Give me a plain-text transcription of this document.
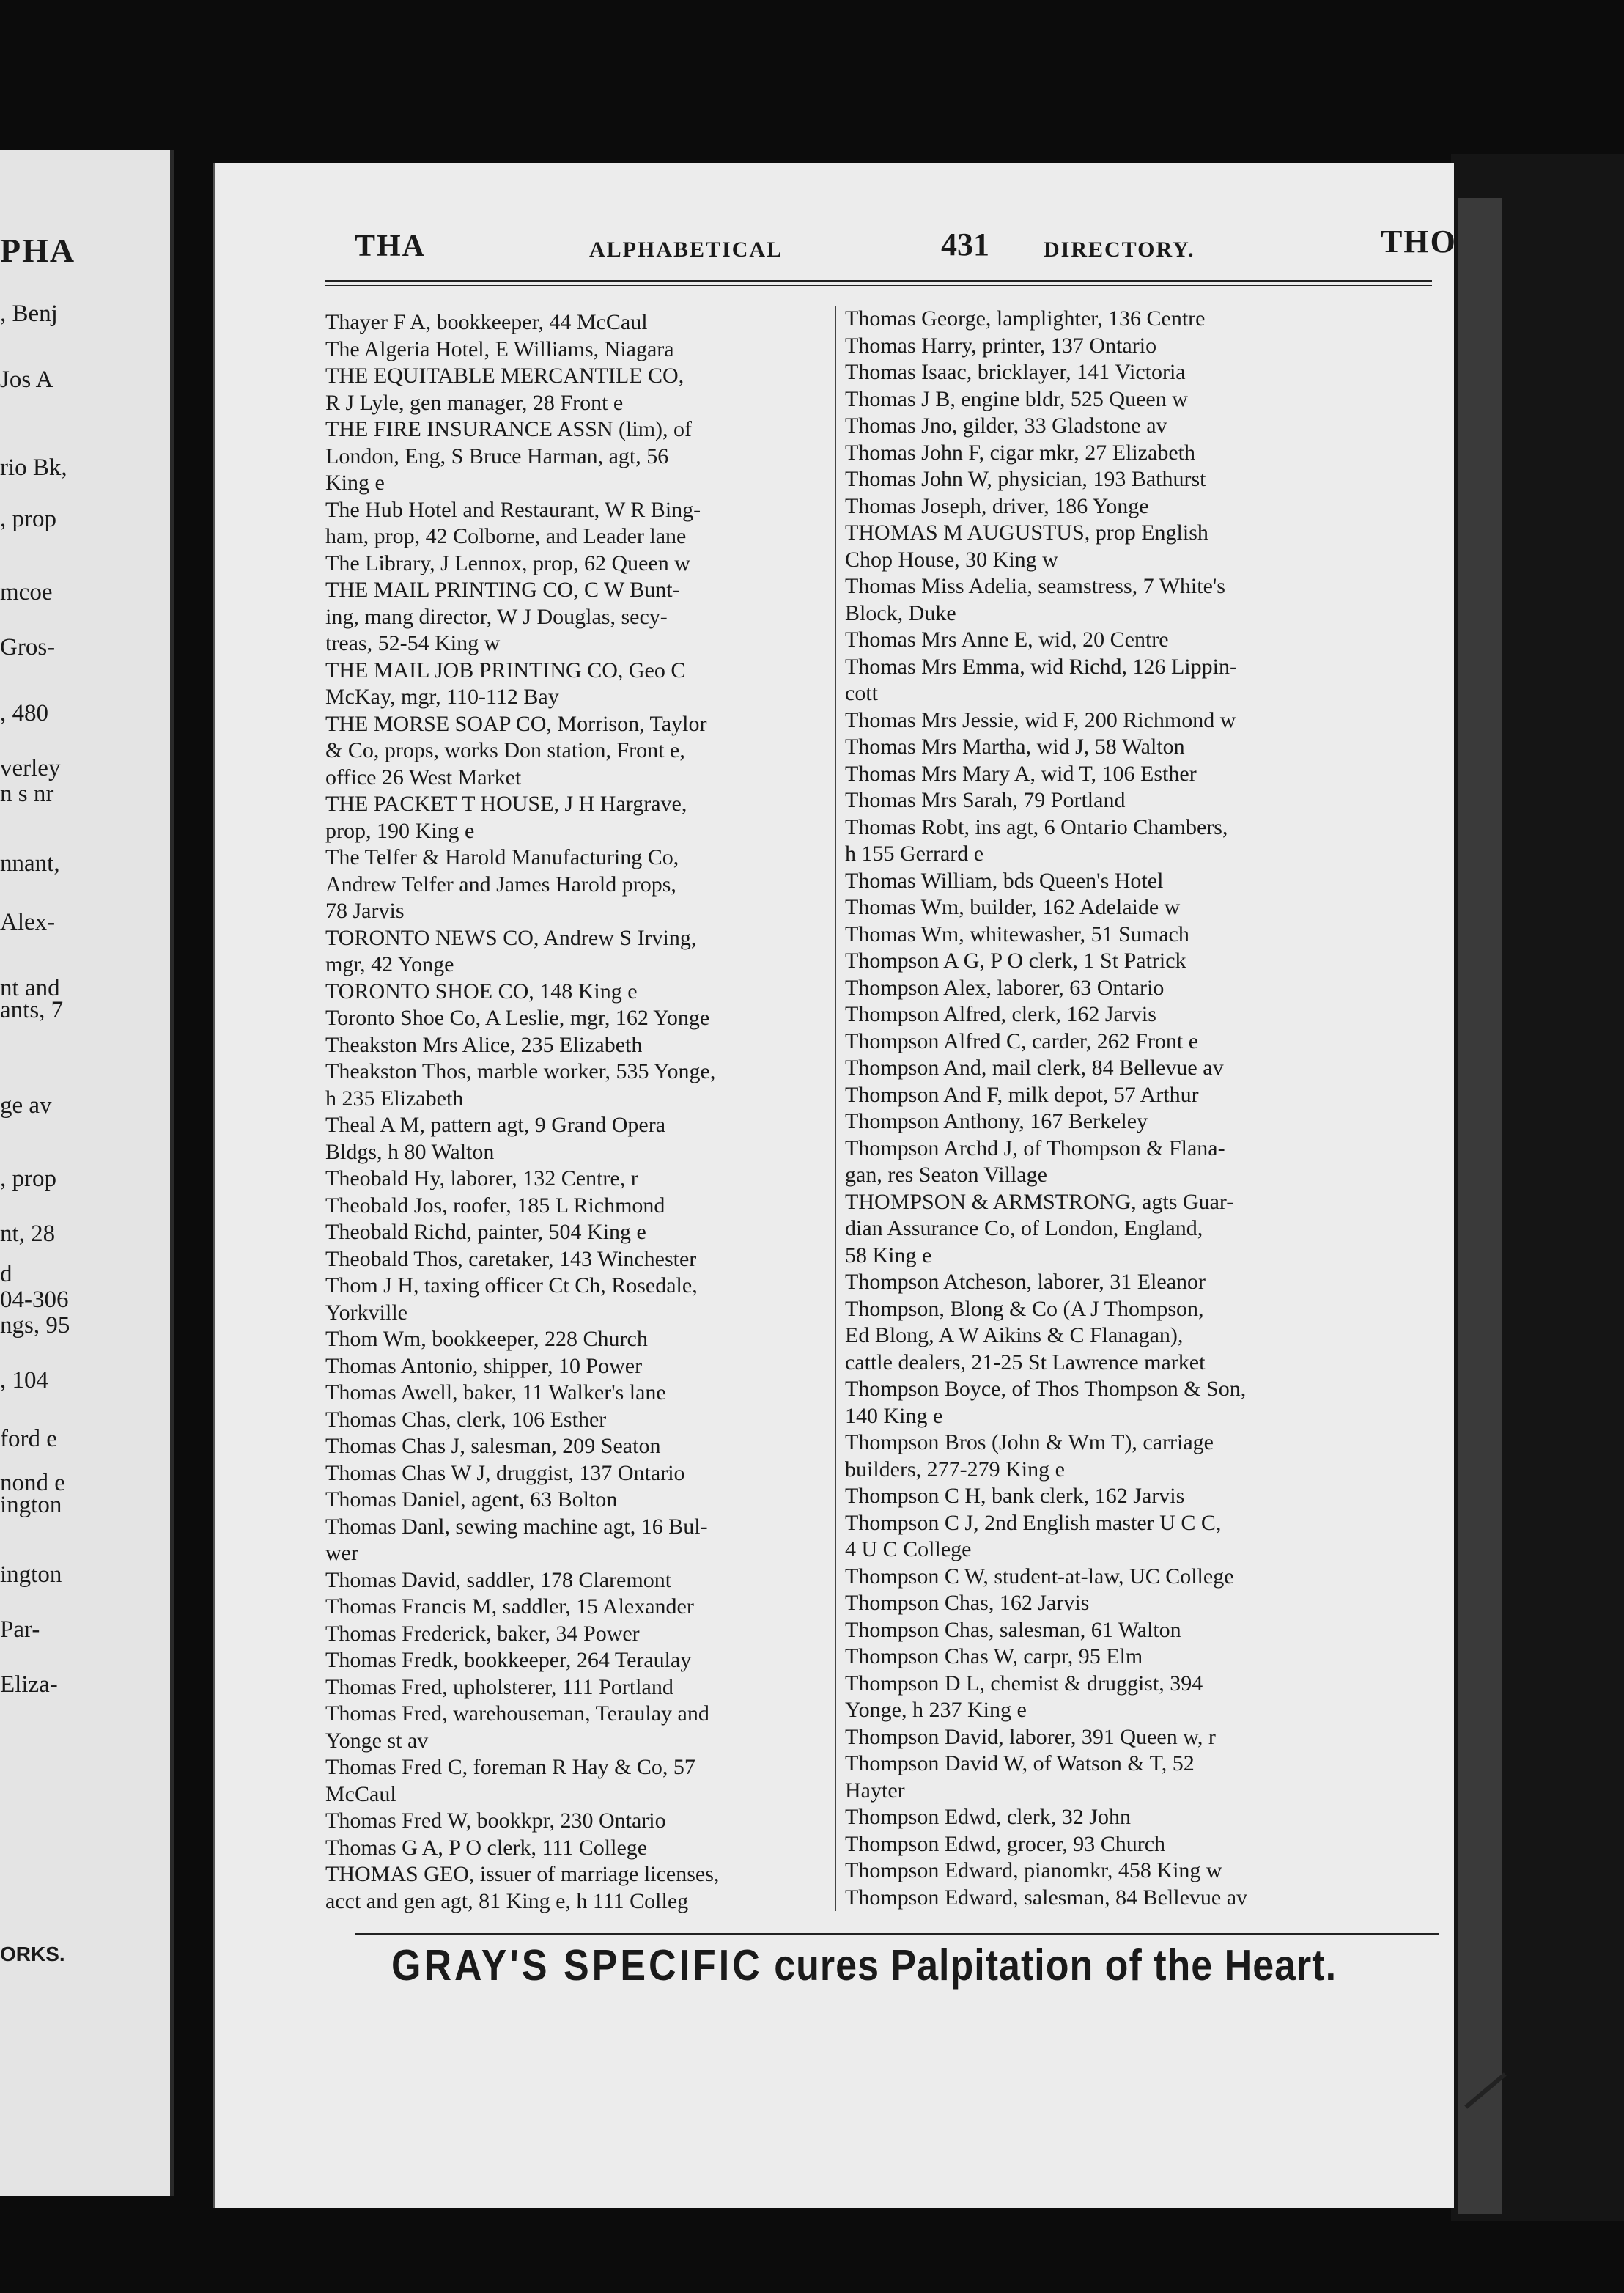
PHA
, Benj
Jos A
rio Bk,
, prop
mcoe
Gros-
, 480
verley
n s nr
nnant,
Alex-
nt and
ants, 7
ge av
, prop
nt, 28
d
04-306
ngs, 95
, 104
ford e
nond e
ington
ington
Par-
Eliza-
ORKS.
THA	ALPHABETICAL	431 DIRECTORY.	THO
Thayer F A, bookkeeper, 44 McCaul
The Algeria Hotel, E Williams, Niagara
THE EQUITABLE MERCANTILE CO,
R J Lyle, gen manager, 28 Front e
THE FIRE INSURANCE ASSN (lim), of
London, Eng, S Bruce Harman, agt, 56
King e
The Hub Hotel and Restaurant, W R Bing-
ham, prop, 42 Colborne, and Leader lane
The Library, J Lennox, prop, 62 Queen w
THE MAIL PRINTING CO, C W Bunt-
ing, mang director, W J Douglas, secy-
treas, 52-54 King w
THE MAIL JOB PRINTING CO, Geo C
McKay, mgr, 110-112 Bay
THE MORSE SOAP CO, Morrison, Taylor
& Co, props, works Don station, Front e,
office 26 West Market
THE PACKET T HOUSE, J H Hargrave,
prop, 190 King e
The Telfer & Harold Manufacturing Co,
Andrew Telfer and James Harold props,
78 Jarvis
TORONTO NEWS CO, Andrew S Irving,
mgr, 42 Yonge
TORONTO SHOE CO, 148 King e
Toronto Shoe Co, A Leslie, mgr, 162 Yonge
Theakston Mrs Alice, 235 Elizabeth
Theakston Thos, marble worker, 535 Yonge,
h 235 Elizabeth
Theal A M, pattern agt, 9 Grand Opera
Bldgs, h 80 Walton
Theobald Hy, laborer, 132 Centre, r
Theobald Jos, roofer, 185 L Richmond
Theobald Richd, painter, 504 King e
Theobald Thos, caretaker, 143 Winchester
Thom J H, taxing officer Ct Ch, Rosedale,
Yorkville
Thom Wm, bookkeeper, 228 Church
Thomas Antonio, shipper, 10 Power
Thomas Awell, baker, 11 Walker's lane
Thomas Chas, clerk, 106 Esther
Thomas Chas J, salesman, 209 Seaton
Thomas Chas W J, druggist, 137 Ontario
Thomas Daniel, agent, 63 Bolton
Thomas Danl, sewing machine agt, 16 Bul-
wer
Thomas David, saddler, 178 Claremont
Thomas Francis M, saddler, 15 Alexander
Thomas Frederick, baker, 34 Power
Thomas Fredk, bookkeeper, 264 Teraulay
Thomas Fred, upholsterer, 111 Portland
Thomas Fred, warehouseman, Teraulay and
Yonge st av
Thomas Fred C, foreman R Hay & Co, 57
McCaul
Thomas Fred W, bookkpr, 230 Ontario
Thomas G A, P O clerk, 111 College
THOMAS GEO, issuer of marriage licenses,
acct and gen agt, 81 King e, h 111 Colleg
Thomas George, lamplighter, 136 Centre
Thomas Harry, printer, 137 Ontario
Thomas Isaac, bricklayer, 141 Victoria
Thomas J B, engine bldr, 525 Queen w
Thomas Jno, gilder, 33 Gladstone av
Thomas John F, cigar mkr, 27 Elizabeth
Thomas John W, physician, 193 Bathurst
Thomas Joseph, driver, 186 Yonge
THOMAS M AUGUSTUS, prop English
Chop House, 30 King w
Thomas Miss Adelia, seamstress, 7 White's
Block, Duke
Thomas Mrs Anne E, wid, 20 Centre
Thomas Mrs Emma, wid Richd, 126 Lippin-
cott
Thomas Mrs Jessie, wid F, 200 Richmond w
Thomas Mrs Martha, wid J, 58 Walton
Thomas Mrs Mary A, wid T, 106 Esther
Thomas Mrs Sarah, 79 Portland
Thomas Robt, ins agt, 6 Ontario Chambers,
h 155 Gerrard e
Thomas William, bds Queen's Hotel
Thomas Wm, builder, 162 Adelaide w
Thomas Wm, whitewasher, 51 Sumach
Thompson A G, P O clerk, 1 St Patrick
Thompson Alex, laborer, 63 Ontario
Thompson Alfred, clerk, 162 Jarvis
Thompson Alfred C, carder, 262 Front e
Thompson And, mail clerk, 84 Bellevue av
Thompson And F, milk depot, 57 Arthur
Thompson Anthony, 167 Berkeley
Thompson Archd J, of Thompson & Flana-
gan, res Seaton Village
THOMPSON & ARMSTRONG, agts Guar-
dian Assurance Co, of London, England,
58 King e
Thompson Atcheson, laborer, 31 Eleanor
Thompson, Blong & Co (A J Thompson,
Ed Blong, A W Aikins & C Flanagan),
cattle dealers, 21-25 St Lawrence market
Thompson Boyce, of Thos Thompson & Son,
140 King e
Thompson Bros (John & Wm T), carriage
builders, 277-279 King e
Thompson C H, bank clerk, 162 Jarvis
Thompson C J, 2nd English master U C C,
4 U C College
Thompson C W, student-at-law, UC College
Thompson Chas, 162 Jarvis
Thompson Chas, salesman, 61 Walton
Thompson Chas W, carpr, 95 Elm
Thompson D L, chemist & druggist, 394
Yonge, h 237 King e
Thompson David, laborer, 391 Queen w, r
Thompson David W, of Watson & T, 52
Hayter
Thompson Edwd, clerk, 32 John
Thompson Edwd, grocer, 93 Church
Thompson Edward, pianomkr, 458 King w
Thompson Edward, salesman, 84 Bellevue av
GRAY'S SPECIFIC cures Palpitation of the Heart.
